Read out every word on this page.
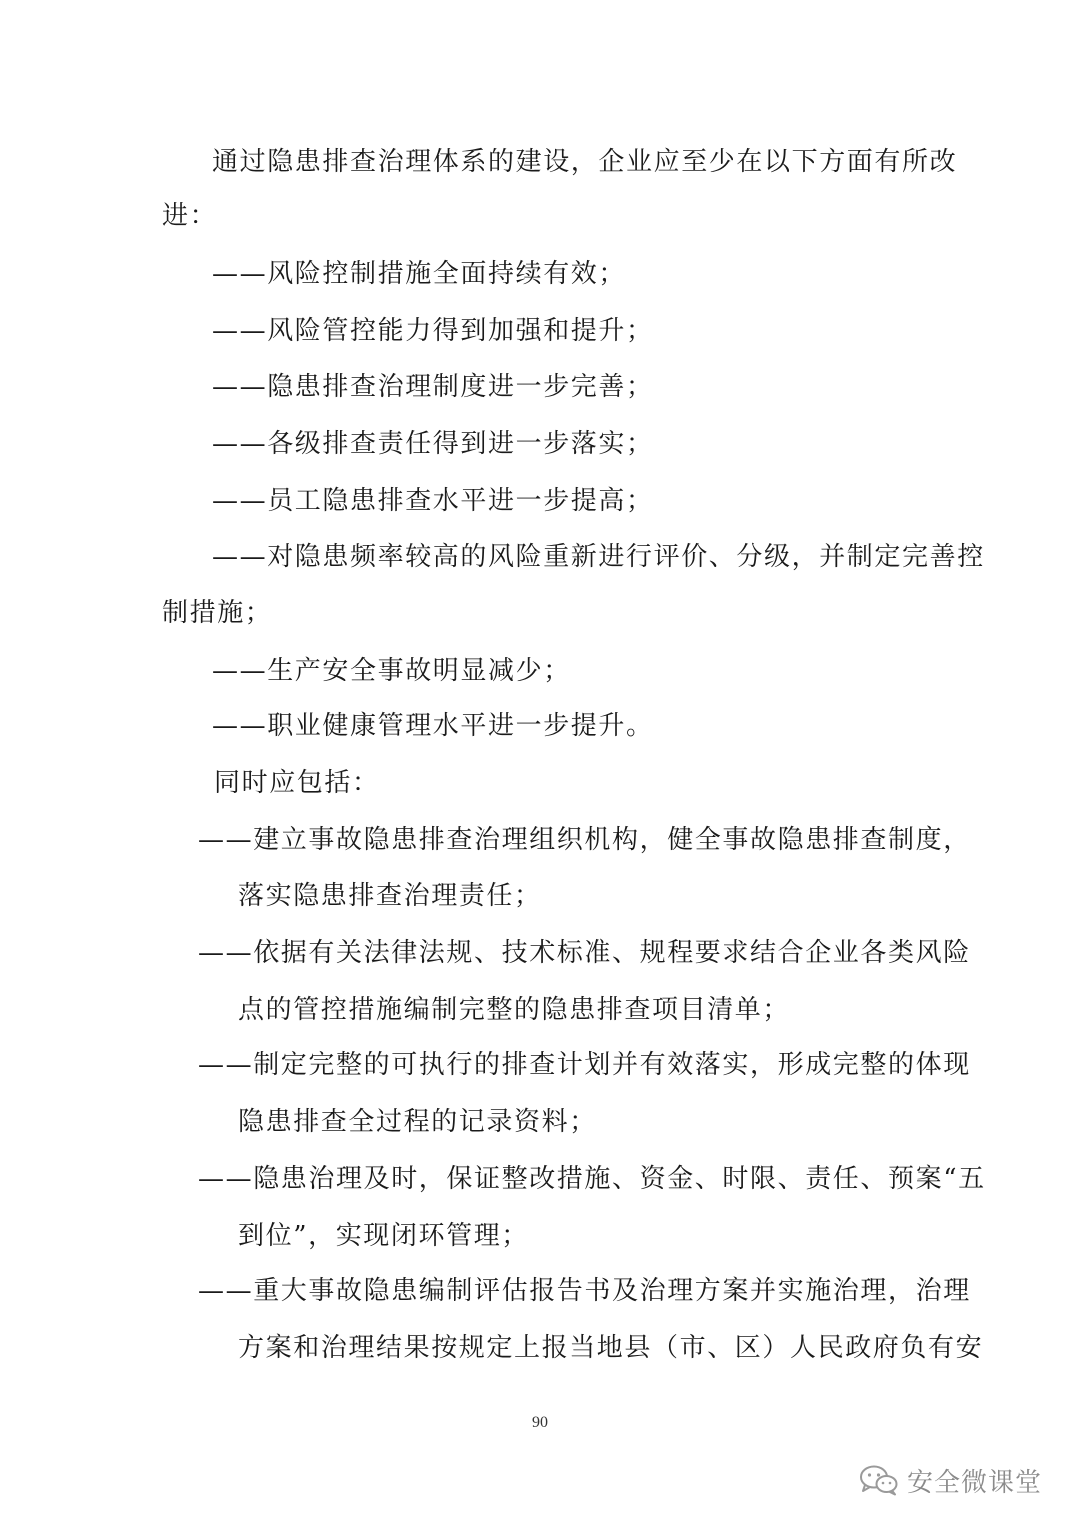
通过隐患排查治理体系的建设，企业应至少在以下方面有所改
进：
——风险控制措施全面持续有效；
——风险管控能力得到加强和提升；
——隐患排查治理制度进一步完善；
——各级排查责任得到进一步落实；
——员工隐患排查水平进一步提高；
——对隐患频率较高的风险重新进行评价、分级，并制定完善控
制措施；
——生产安全事故明显减少；
——职业健康管理水平进一步提升。
同时应包括：
——建立事故隐患排查治理组织机构，健全事故隐患排查制度，
落实隐患排查治理责任；
——依据有关法律法规、技术标准、规程要求结合企业各类风险
点的管控措施编制完整的隐患排查项目清单；
——制定完整的可执行的排查计划并有效落实，形成完整的体现
隐患排查全过程的记录资料；
——隐患治理及时，保证整改措施、资金、时限、责任、预案“五
到位”，实现闭环管理；
——重大事故隐患编制评估报告书及治理方案并实施治理，治理
方案和治理结果按规定上报当地县（市、区）人民政府负有安
90
安全微课堂
